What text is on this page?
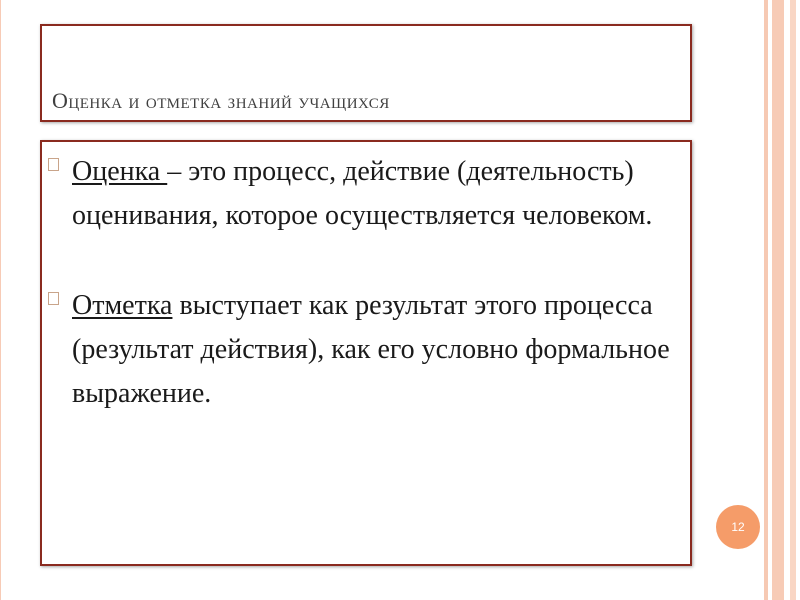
Оценка и отметка знаний учащихся
Оценка – это процесс, действие (деятельность) оценивания, которое осуществляется человеком.
Отметка выступает как результат этого процесса (результат действия), как его условно формальное выражение.
12
